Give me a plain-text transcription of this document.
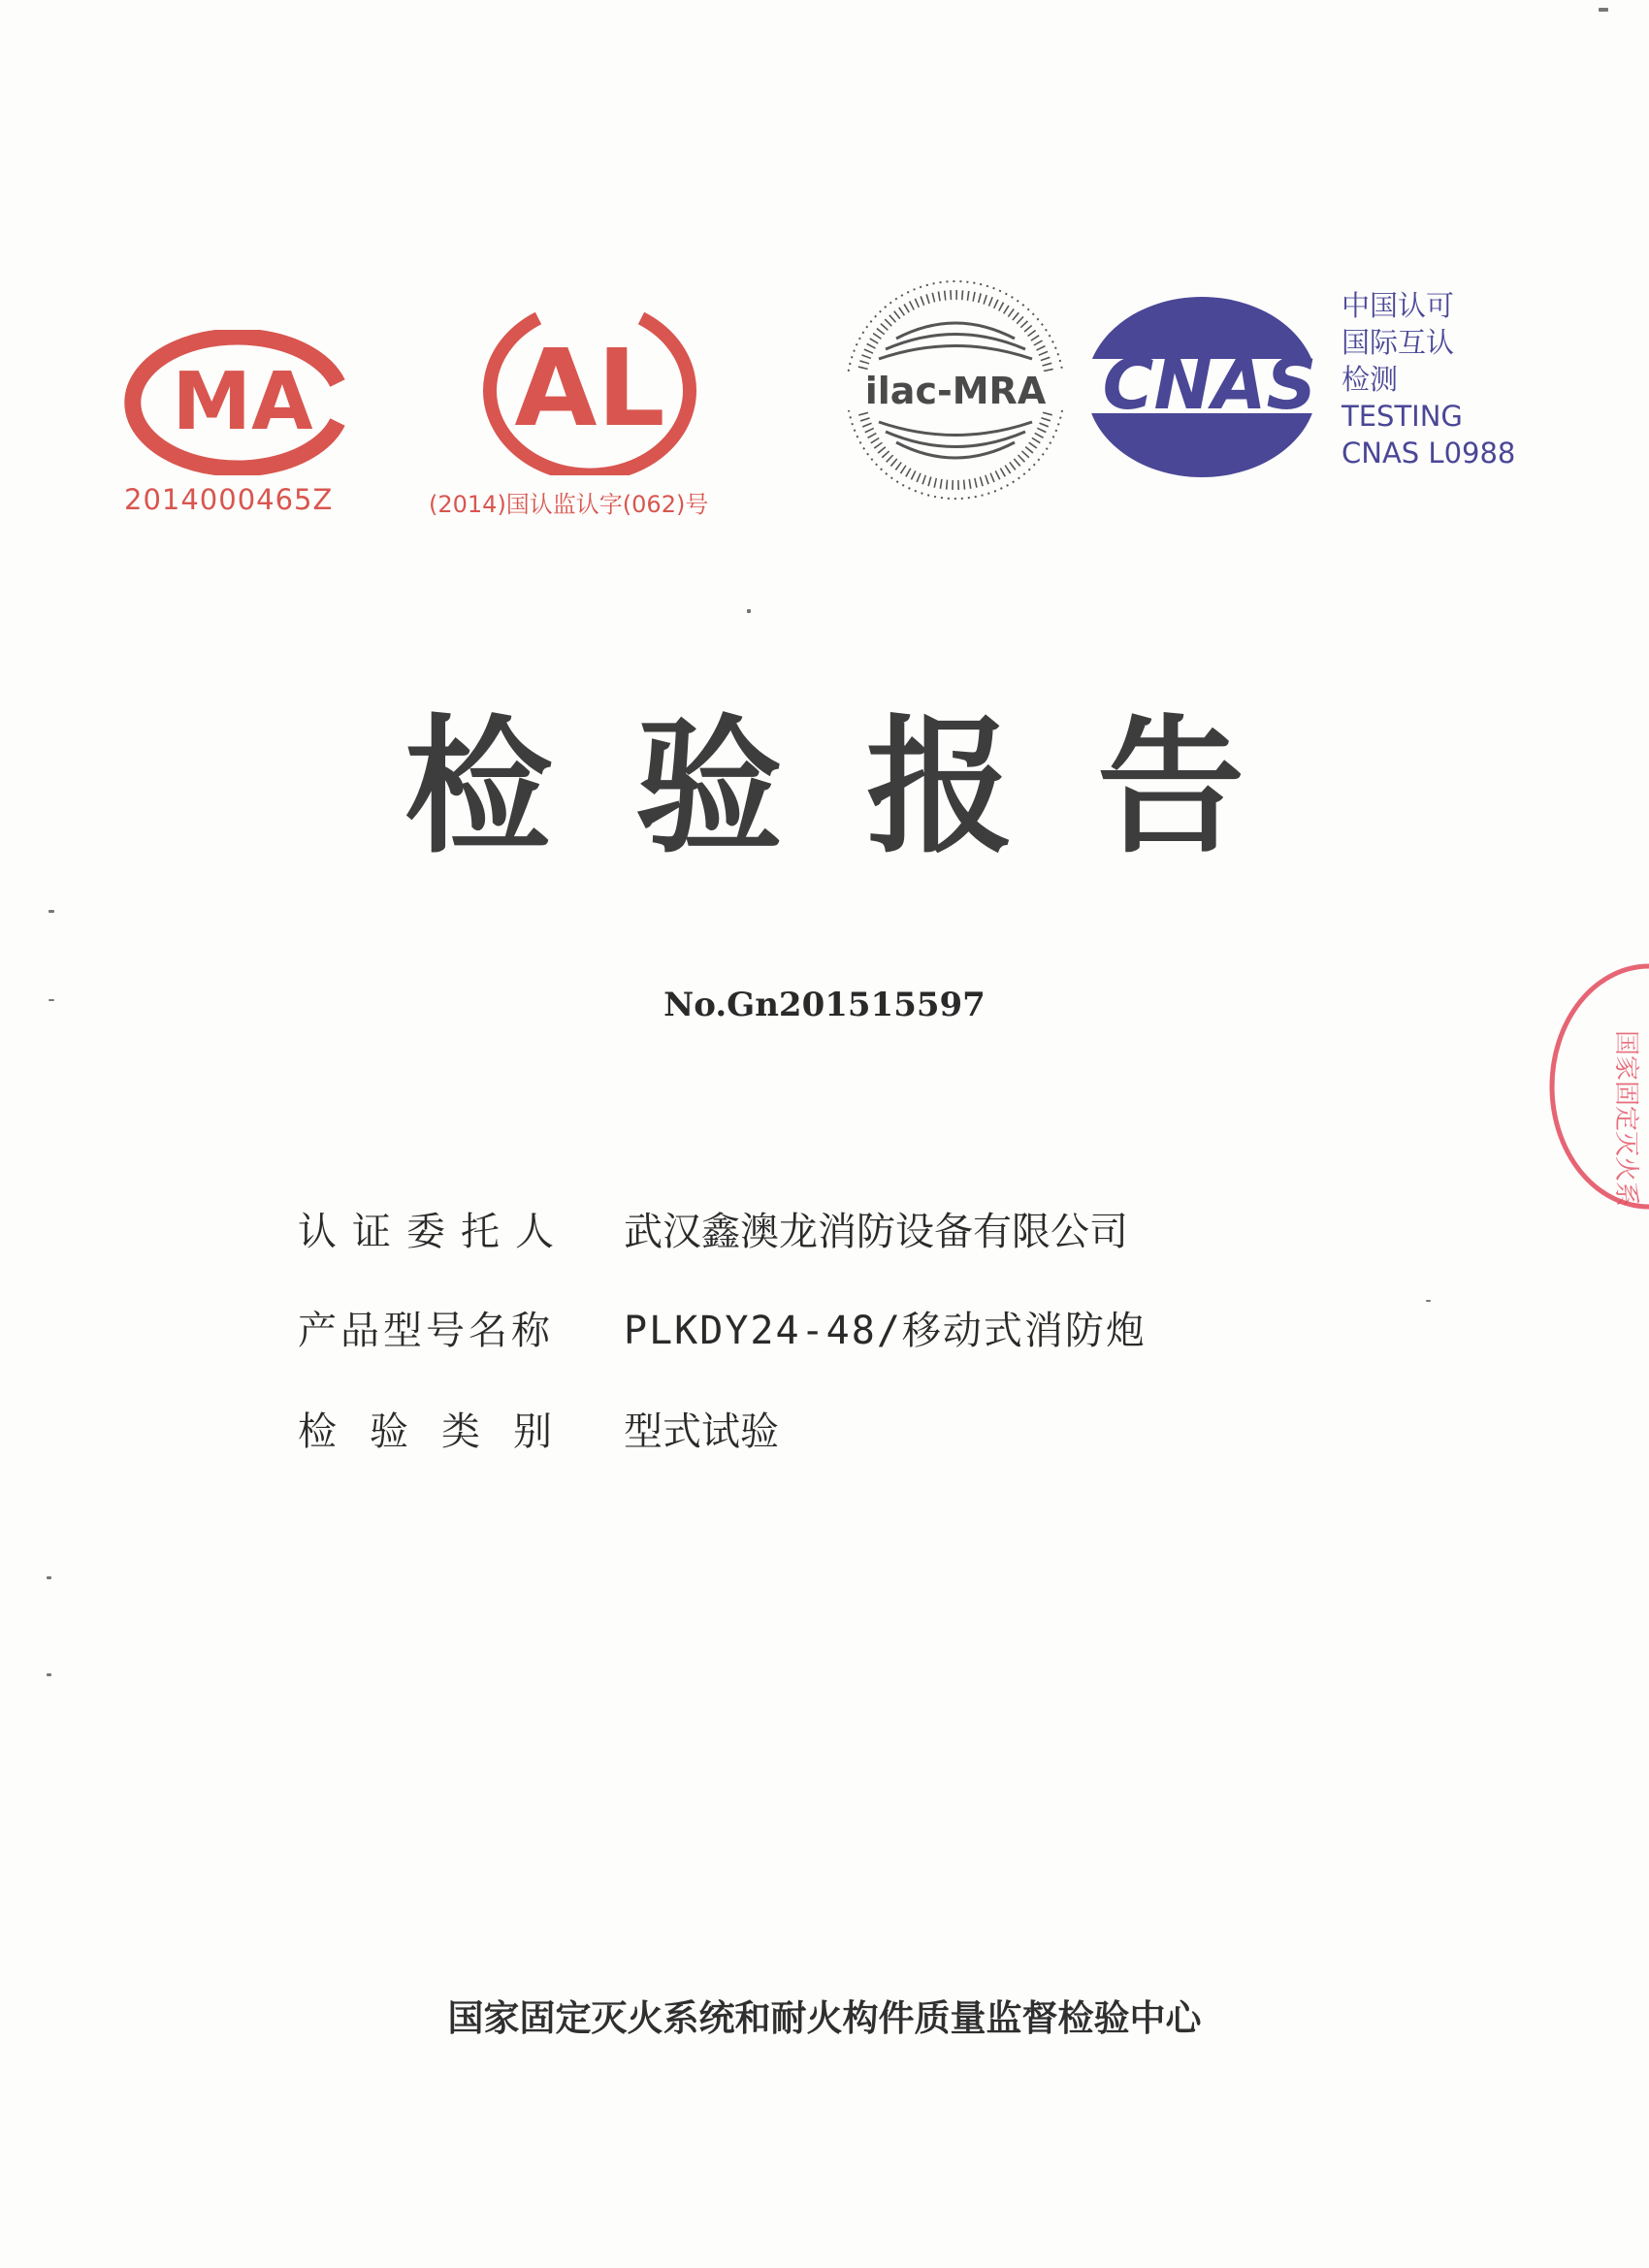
MA
2014000465Z
AL
(2014)国认监认字(062)号
ilac-MRA CNAS
中国认可
国际互认
检测
TESTING
CNAS L0988
检验报告
No.Gn201515597
认证委托人	武汉鑫澳龙消防设备有限公司
产品型号名称	PLKDY24-48/移动式消防炮
检验类别	型式试验
国家固定灭火系
国家固定灭火系统和耐火构件质量监督检验中心
